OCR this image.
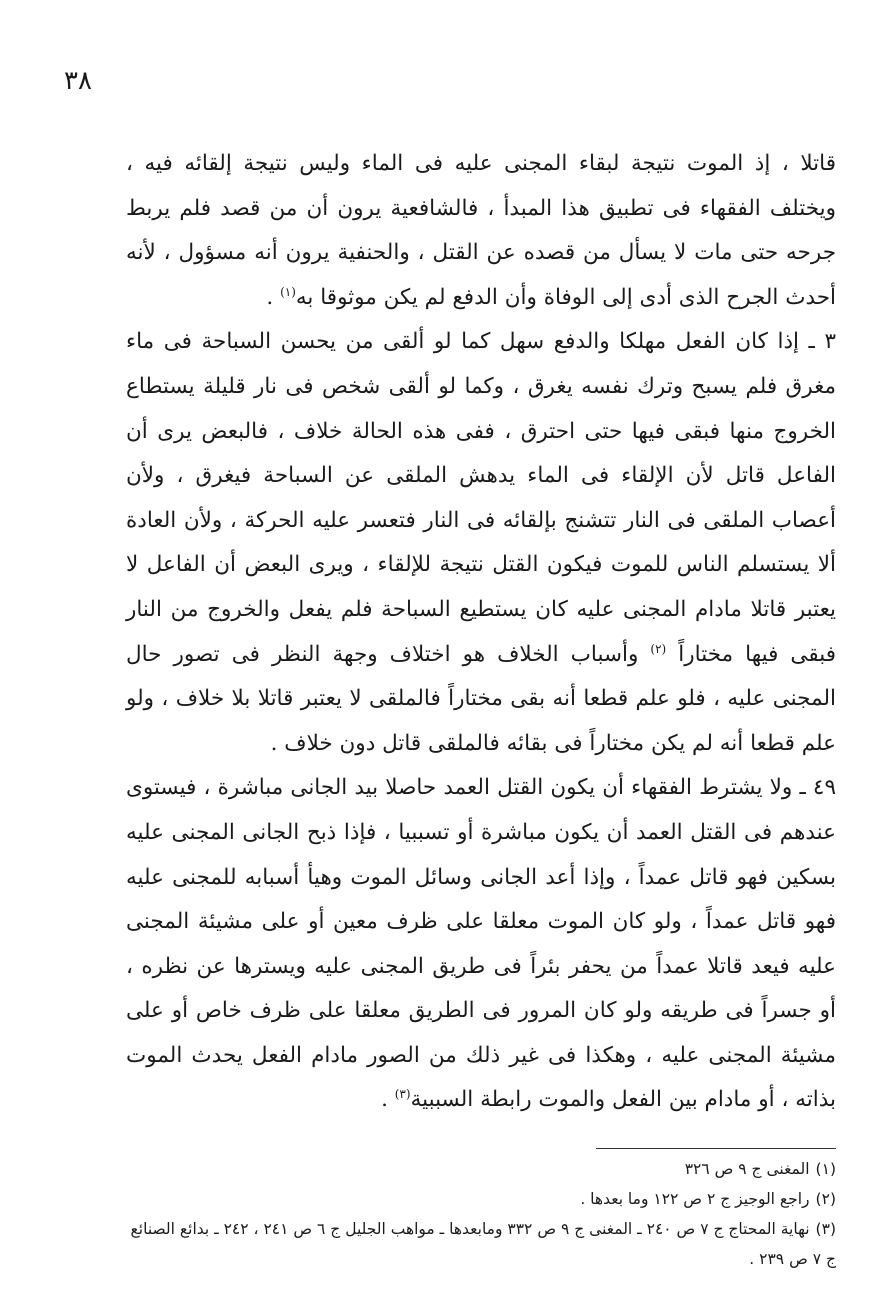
٣٨

قاتلا ، إذ الموت نتيجة لبقاء المجنى عليه فى الماء وليس نتيجة إلقائه فيه ، ويختلف الفقهاء فى تطبيق هذا المبدأ ، فالشافعية يرون أن من قصد فلم يربط جرحه حتى مات لا يسأل من قصده عن القتل ، والحنفية يرون أنه مسؤول ، لأنه أحدث الجرح الذى أدى إلى الوفاة وأن الدفع لم يكن موثوقا به$^{(١)}$ .

٣ ـ إذا كان الفعل مهلكا والدفع سهل كما لو ألقى من يحسن السباحة فى ماء مغرق فلم يسبح وترك نفسه يغرق ، وكما لو ألقى شخص فى نار قليلة يستطاع الخروج منها فبقى فيها حتى احترق ، ففى هذه الحالة خلاف ، فالبعض يرى أن الفاعل قاتل لأن الإلقاء فى الماء يدهش الملقى عن السباحة فيغرق ، ولأن أعصاب الملقى فى النار تتشنج بإلقائه فى النار فتعسر عليه الحركة ، ولأن العادة ألا يستسلم الناس للموت فيكون القتل نتيجة للإلقاء ، ويرى البعض أن الفاعل لا يعتبر قاتلا مادام المجنى عليه كان يستطيع السباحة فلم يفعل والخروج من النار فبقى فيها مختاراً $^{(٢)}$ وأسباب الخلاف هو اختلاف وجهة النظر فى تصور حال المجنى عليه ، فلو علم قطعا أنه بقى مختاراً فالملقى لا يعتبر قاتلا بلا خلاف ، ولو علم قطعا أنه لم يكن مختاراً فى بقائه فالملقى قاتل دون خلاف .

٤٩ ـ ولا يشترط الفقهاء أن يكون القتل العمد حاصلا بيد الجانى مباشرة ، فيستوى عندهم فى القتل العمد أن يكون مباشرة أو تسببيا ، فإذا ذبح الجانى المجنى عليه بسكين فهو قاتل عمداً ، وإذا أعد الجانى وسائل الموت وهيأ أسبابه للمجنى عليه فهو قاتل عمداً ، ولو كان الموت معلقا على ظرف معين أو على مشيئة المجنى عليه فيعد قاتلا عمداً من يحفر بئراً فى طريق المجنى عليه ويسترها عن نظره ، أو جسراً فى طريقه ولو كان المرور فى الطريق معلقا على ظرف خاص أو على مشيئة المجنى عليه ، وهكذا فى غير ذلك من الصور مادام الفعل يحدث الموت بذاته ، أو مادام بين الفعل والموت رابطة السببية$^{(٣)}$ .

(١)المغنى ج ٩ ص ٣٢٦

(٢)راجع الوجيز ج ٢ ص ١٢٢ وما بعدها .

(٣)نهاية المحتاج ج ٧ ص ٢٤٠ ـ المغنى ج ٩ ص ٣٣٢ ومابعدها ـ مواهب الجليل ج ٦ ص ٢٤١ ، ٢٤٢ ـ بدائع الصنائع ج ٧ ص ٢٣٩ .
